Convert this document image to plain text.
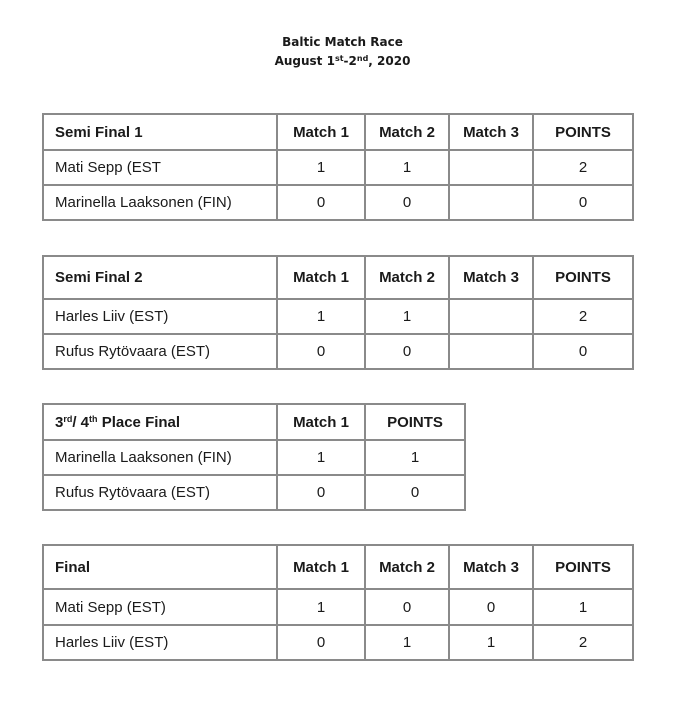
Baltic Match Race
August 1st-2nd, 2020
Semi Final 1	Match 1	Match 2	Match 3	POINTS
Mati Sepp (EST	1	1		2
Marinella Laaksonen (FIN)	0	0		0
Semi Final 2	Match 1	Match 2	Match 3	POINTS
Harles Liiv (EST)	1	1		2
Rufus Rytövaara (EST)	0	0		0
3rd/ 4th Place Final	Match 1	POINTS
Marinella Laaksonen (FIN)	1	1
Rufus Rytövaara (EST)	0	0
Final	Match 1	Match 2	Match 3	POINTS
Mati Sepp (EST)	1	0	0	1
Harles Liiv (EST)	0	1	1	2
